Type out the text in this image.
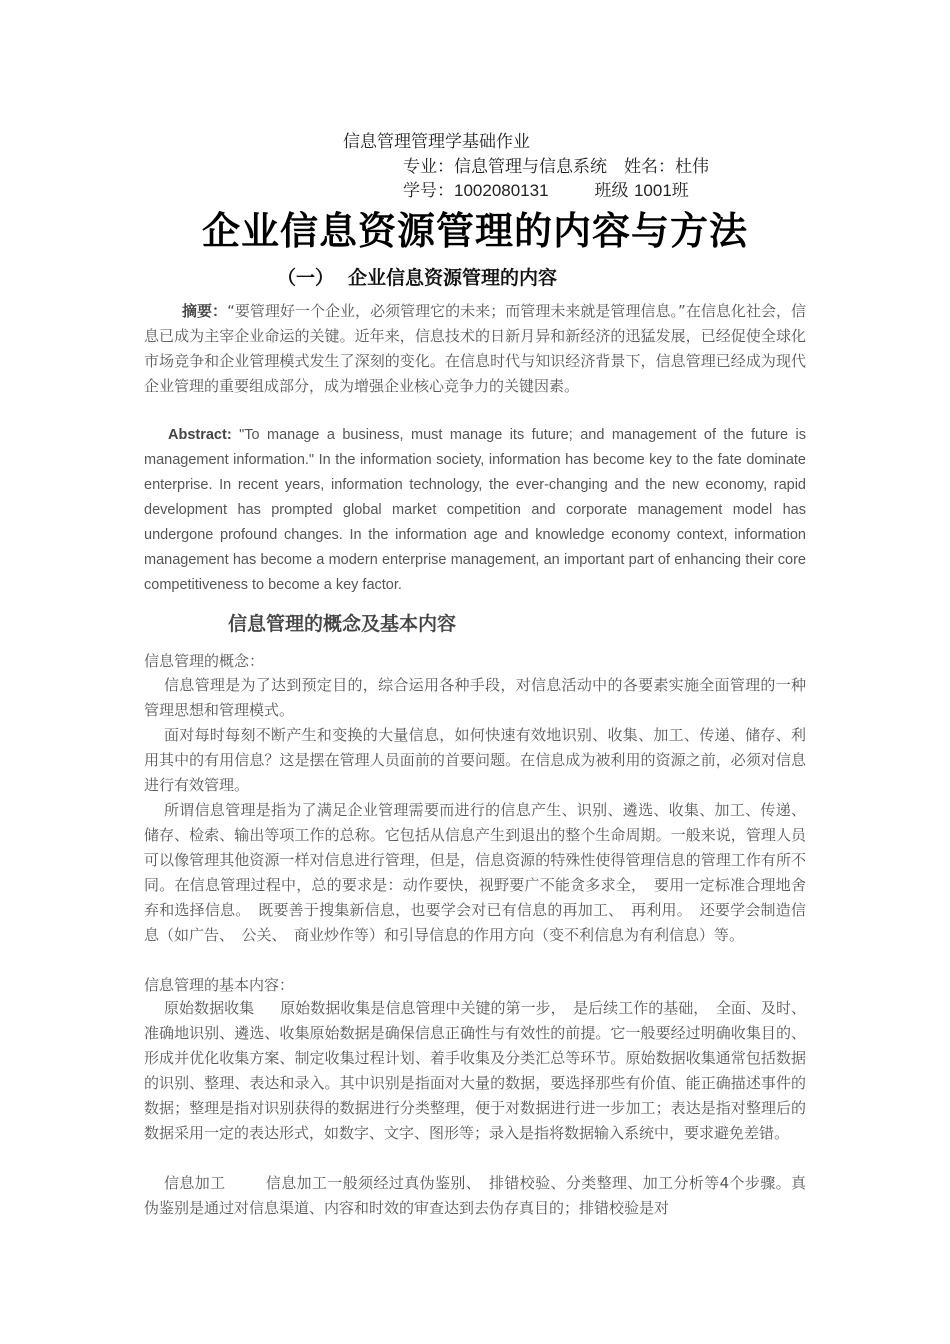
信息管理管理学基础作业
专业：信息管理与信息系统　姓名：杜伟
学号：1002080131	班级 1001班
企业信息资源管理的内容与方法
（一） 企业信息资源管理的内容

摘要：“要管理好一个企业，必须管理它的未来；而管理未来就是管理信息。”在信息化社会，信息已成为主宰企业命运的关键。近年来，信息技术的日新月异和新经济的迅猛发展，已经促使全球化市场竞争和企业管理模式发生了深刻的变化。在信息时代与知识经济背景下，信息管理已经成为现代企业管理的重要组成部分，成为增强企业核心竞争力的关键因素。

Abstract: "To manage a business, must manage its future; and management of the future is management information." In the information society, information has become key to the fate dominate enterprise. In recent years, information technology, the ever-changing and the new economy, rapid development has prompted global market competition and corporate management model has undergone profound changes. In the information age and knowledge economy context, information management has become a modern enterprise management, an important part of enhancing their core competitiveness to become a key factor.

信息管理的概念及基本内容
信息管理的概念：

信息管理是为了达到预定目的，综合运用各种手段，对信息活动中的各要素实施全面管理的一种管理思想和管理模式。

面对每时每刻不断产生和变换的大量信息，如何快速有效地识别、收集、加工、传递、储存、利用其中的有用信息？这是摆在管理人员面前的首要问题。在信息成为被利用的资源之前，必须对信息进行有效管理。

所谓信息管理是指为了满足企业管理需要而进行的信息产生、识别、遴选、收集、加工、传递、储存、检索、输出等项工作的总称。它包括从信息产生到退出的整个生命周期。一般来说，管理人员可以像管理其他资源一样对信息进行管理，但是，信息资源的特殊性使得管理信息的管理工作有所不同。在信息管理过程中，总的要求是：动作要快，视野要广不能贪多求全，　要用一定标准合理地舍弃和选择信息。　既要善于搜集新信息，也要学会对已有信息的再加工、　再利用。　还要学会制造信息（如广告、　公关、　商业炒作等）和引导信息的作用方向（变不利信息为有利信息）等。

信息管理的基本内容：

原始数据收集 原始数据收集是信息管理中关键的第一步，　是后续工作的基础，　全面、及时、准确地识别、遴选、收集原始数据是确保信息正确性与有效性的前提。它一般要经过明确收集目的、形成并优化收集方案、制定收集过程计划、着手收集及分类汇总等环节。原始数据收集通常包括数据的识别、整理、表达和录入。其中识别是指面对大量的数据，要选择那些有价值、能正确描述事件的数据；整理是指对识别获得的数据进行分类整理，便于对数据进行进一步加工；表达是指对整理后的数据采用一定的表达形式，如数字、文字、图形等；录入是指将数据输入系统中，要求避免差错。

信息加工	信息加工一般须经过真伪鉴别、　排错校验、分类整理、加工分析等4个步骤。真伪鉴别是通过对信息渠道、内容和时效的审查达到去伪存真目的；排错校验是对
